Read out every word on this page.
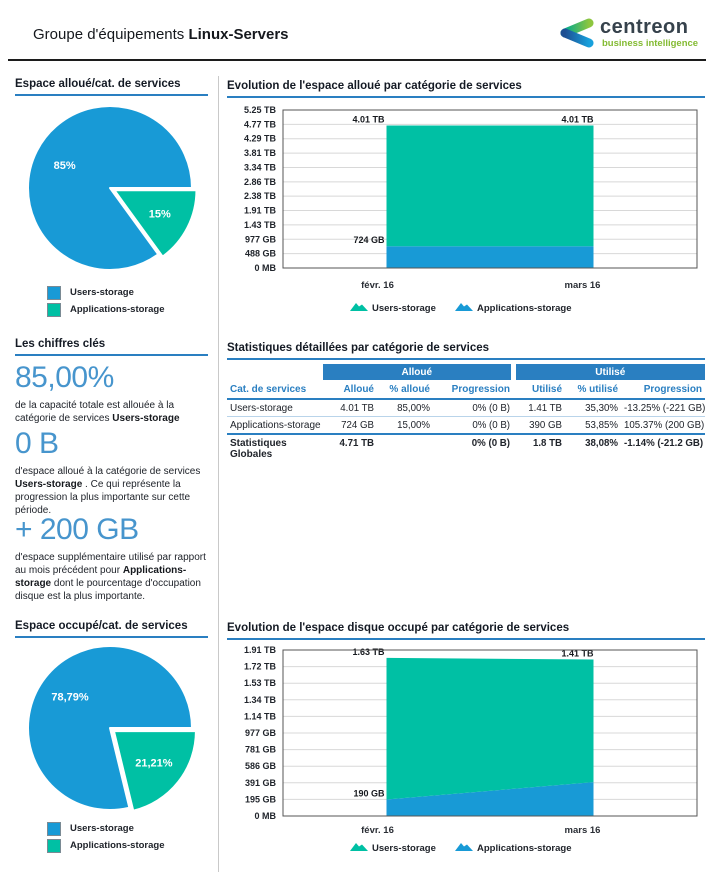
Groupe d'équipements Linux-Servers	centreon
business intelligence
Espace alloué/cat. de services
15%
85%
Users-storage
Applications-storage
Les chiffres clés
85,00%

de la capacité totale est allouée à la catégorie de services Users-storage

0 B

d'espace alloué à la catégorie de services Users-storage . Ce qui représente la progression la plus importante sur cette période.

+ 200 GB

d'espace supplémentaire utilisé par rapport au mois précédent pour Applications-storage dont le pourcentage d'occupation disque est la plus importante.

Espace occupé/cat. de services
21,21%
78,79%
Users-storage
Applications-storage
Evolution de l'espace alloué par catégorie de services
5.25 TB
4.77 TB
4.29 TB
3.81 TB
3.34 TB
2.86 TB
2.38 TB
1.91 TB
1.43 TB
977 GB
488 GB
0 MB
724 GB
4.01 TB	4.01 TB
févr. 16	mars 16
Users-storage	Applications-storage
Statistiques détaillées par catégorie de services
	Alloué			Utilisé		
Cat. de services	Alloué	% alloué	Progression	Utilisé	% utilisé	Progression
Users-storage	4.01 TB	85,00%	0% (0 B)	1.41 TB	35,30%	-13.25% (-221 GB)
Applications-storage	724 GB	15,00%	0% (0 B)	390 GB	53,85%	105.37% (200 GB)
Statistiques Globales	4.71 TB		0% (0 B)	1.8 TB	38,08%	-1.14% (-21.2 GB)
Evolution de l'espace disque occupé par catégorie de services
1.91 TB
1.72 TB
1.53 TB
1.34 TB
1.14 TB
977 GB
781 GB
586 GB
391 GB
195 GB
0 MB
190 GB
1.63 TB	1.41 TB
févr. 16	mars 16
Users-storage	Applications-storage
